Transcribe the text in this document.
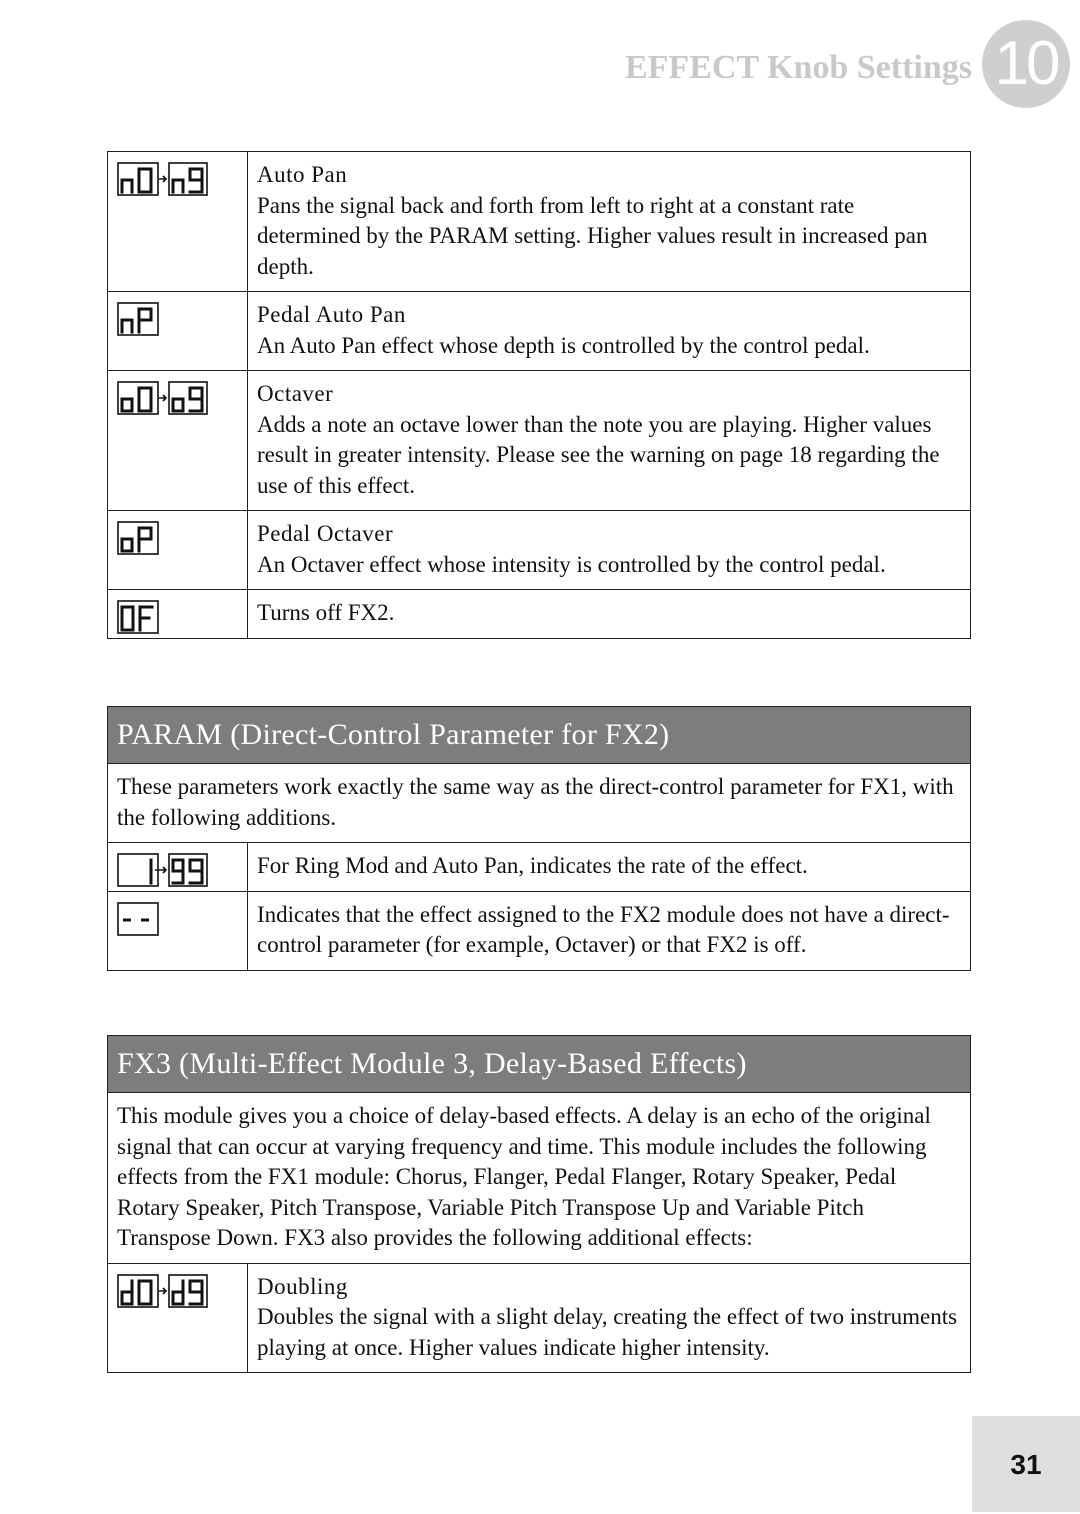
EFFECT Knob Settings 10
Auto Pan
Pans the signal back and forth from left to right at a constant rate determined by the PARAM setting. Higher values result in increased pan depth.
Pedal Auto Pan
An Auto Pan effect whose depth is controlled by the control pedal.
Octaver
Adds a note an octave lower than the note you are playing. Higher values result in greater intensity. Please see the warning on page 18 regarding the use of this effect.
Pedal Octaver
An Octaver effect whose intensity is controlled by the control pedal.
Turns off FX2.
PARAM (Direct-Control Parameter for FX2)
These parameters work exactly the same way as the direct-control parameter for FX1, with the following additions.
For Ring Mod and Auto Pan, indicates the rate of the effect.
Indicates that the effect assigned to the FX2 module does not have a direct-control parameter (for example, Octaver) or that FX2 is off.
FX3 (Multi-Effect Module 3, Delay-Based Effects)
This module gives you a choice of delay-based effects. A delay is an echo of the original signal that can occur at varying frequency and time. This module includes the following effects from the FX1 module: Chorus, Flanger, Pedal Flanger, Rotary Speaker, Pedal Rotary Speaker, Pitch Transpose, Variable Pitch Transpose Up and Variable Pitch Transpose Down. FX3 also provides the following additional effects:
Doubling
Doubles the signal with a slight delay, creating the effect of two instruments playing at once. Higher values indicate higher intensity.
31
